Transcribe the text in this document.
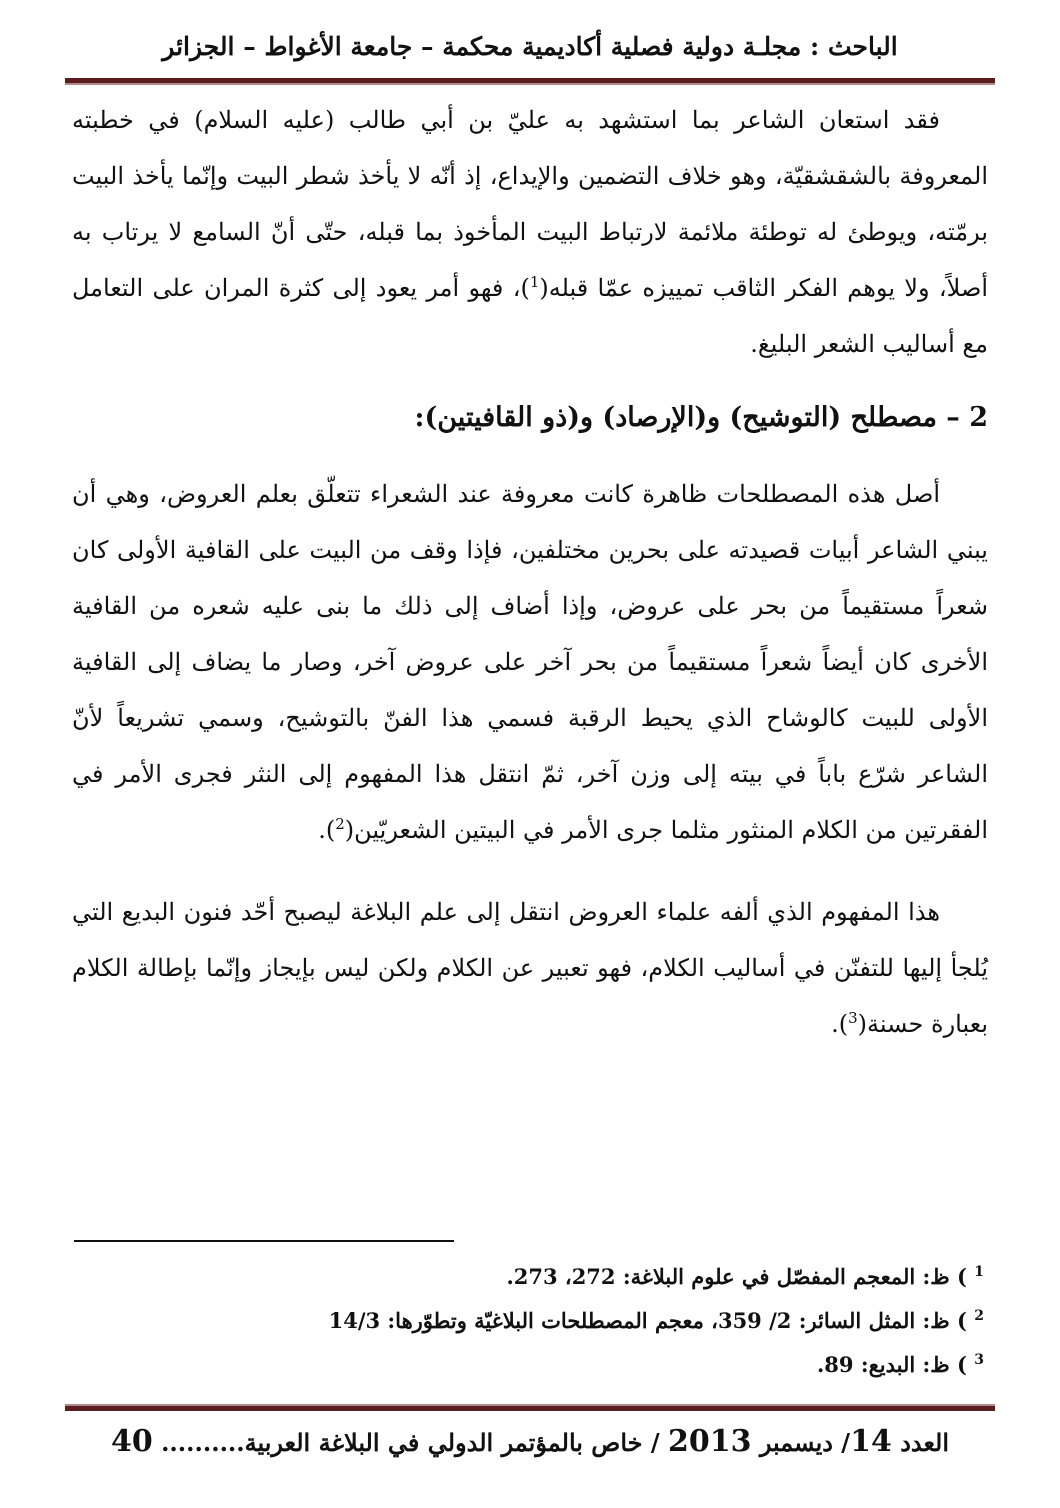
الباحث : مجلـة دولية فصلية أكاديمية محكمة – جامعة الأغواط – الجزائر

فقد استعان الشاعر بما استشهد به عليّ بن أبي طالب (عليه السلام) في خطبته المعروفة بالشقشقيّة، وهو خلاف التضمين والإيداع، إذ أنّه لا يأخذ شطر البيت وإنّما يأخذ البيت برمّته، ويوطئ له توطئة ملائمة لارتباط البيت المأخوذ بما قبله، حتّى أنّ السامع لا يرتاب به أصلاً، ولا يوهم الفكر الثاقب تمييزه عمّا قبله($^1$)، فهو أمر يعود إلى كثرة المران على التعامل مع أساليب الشعر البليغ.

2 – مصطلح (التوشيح) و(الإرصاد) و(ذو القافيتين):

أصل هذه المصطلحات ظاهرة كانت معروفة عند الشعراء تتعلّق بعلم العروض، وهي أن يبني الشاعر أبيات قصيدته على بحرين مختلفين، فإذا وقف من البيت على القافية الأولى كان شعراً مستقيماً من بحر على عروض، وإذا أضاف إلى ذلك ما بنى عليه شعره من القافية الأخرى كان أيضاً شعراً مستقيماً من بحر آخر على عروض آخر، وصار ما يضاف إلى القافية الأولى للبيت كالوشاح الذي يحيط الرقبة فسمي هذا الفنّ بالتوشيح، وسمي تشريعاً لأنّ الشاعر شرّع باباً في بيته إلى وزن آخر، ثمّ انتقل هذا المفهوم إلى النثر فجرى الأمر في الفقرتين من الكلام المنثور مثلما جرى الأمر في البيتين الشعريّين($^2$).

هذا المفهوم الذي ألفه علماء العروض انتقل إلى علم البلاغة ليصبح أحّد فنون البديع التي يُلجأ إليها للتفنّن في أساليب الكلام، فهو تعبير عن الكلام ولكن ليس بإيجاز وإنّما بإطالة الكلام بعبارة حسنة($^3$).

$^1$ ) ظ: المعجم المفصّل في علوم البلاغة: 272، 273.

$^2$ ) ظ: المثل السائر: 2/ 359، معجم المصطلحات البلاغيّة وتطوّرها: 14/3

$^3$ ) ظ: البديع: 89.

العدد 14/ ديسمبر 2013 / خاص بالمؤتمر الدولي في البلاغة العربية.......... 40
